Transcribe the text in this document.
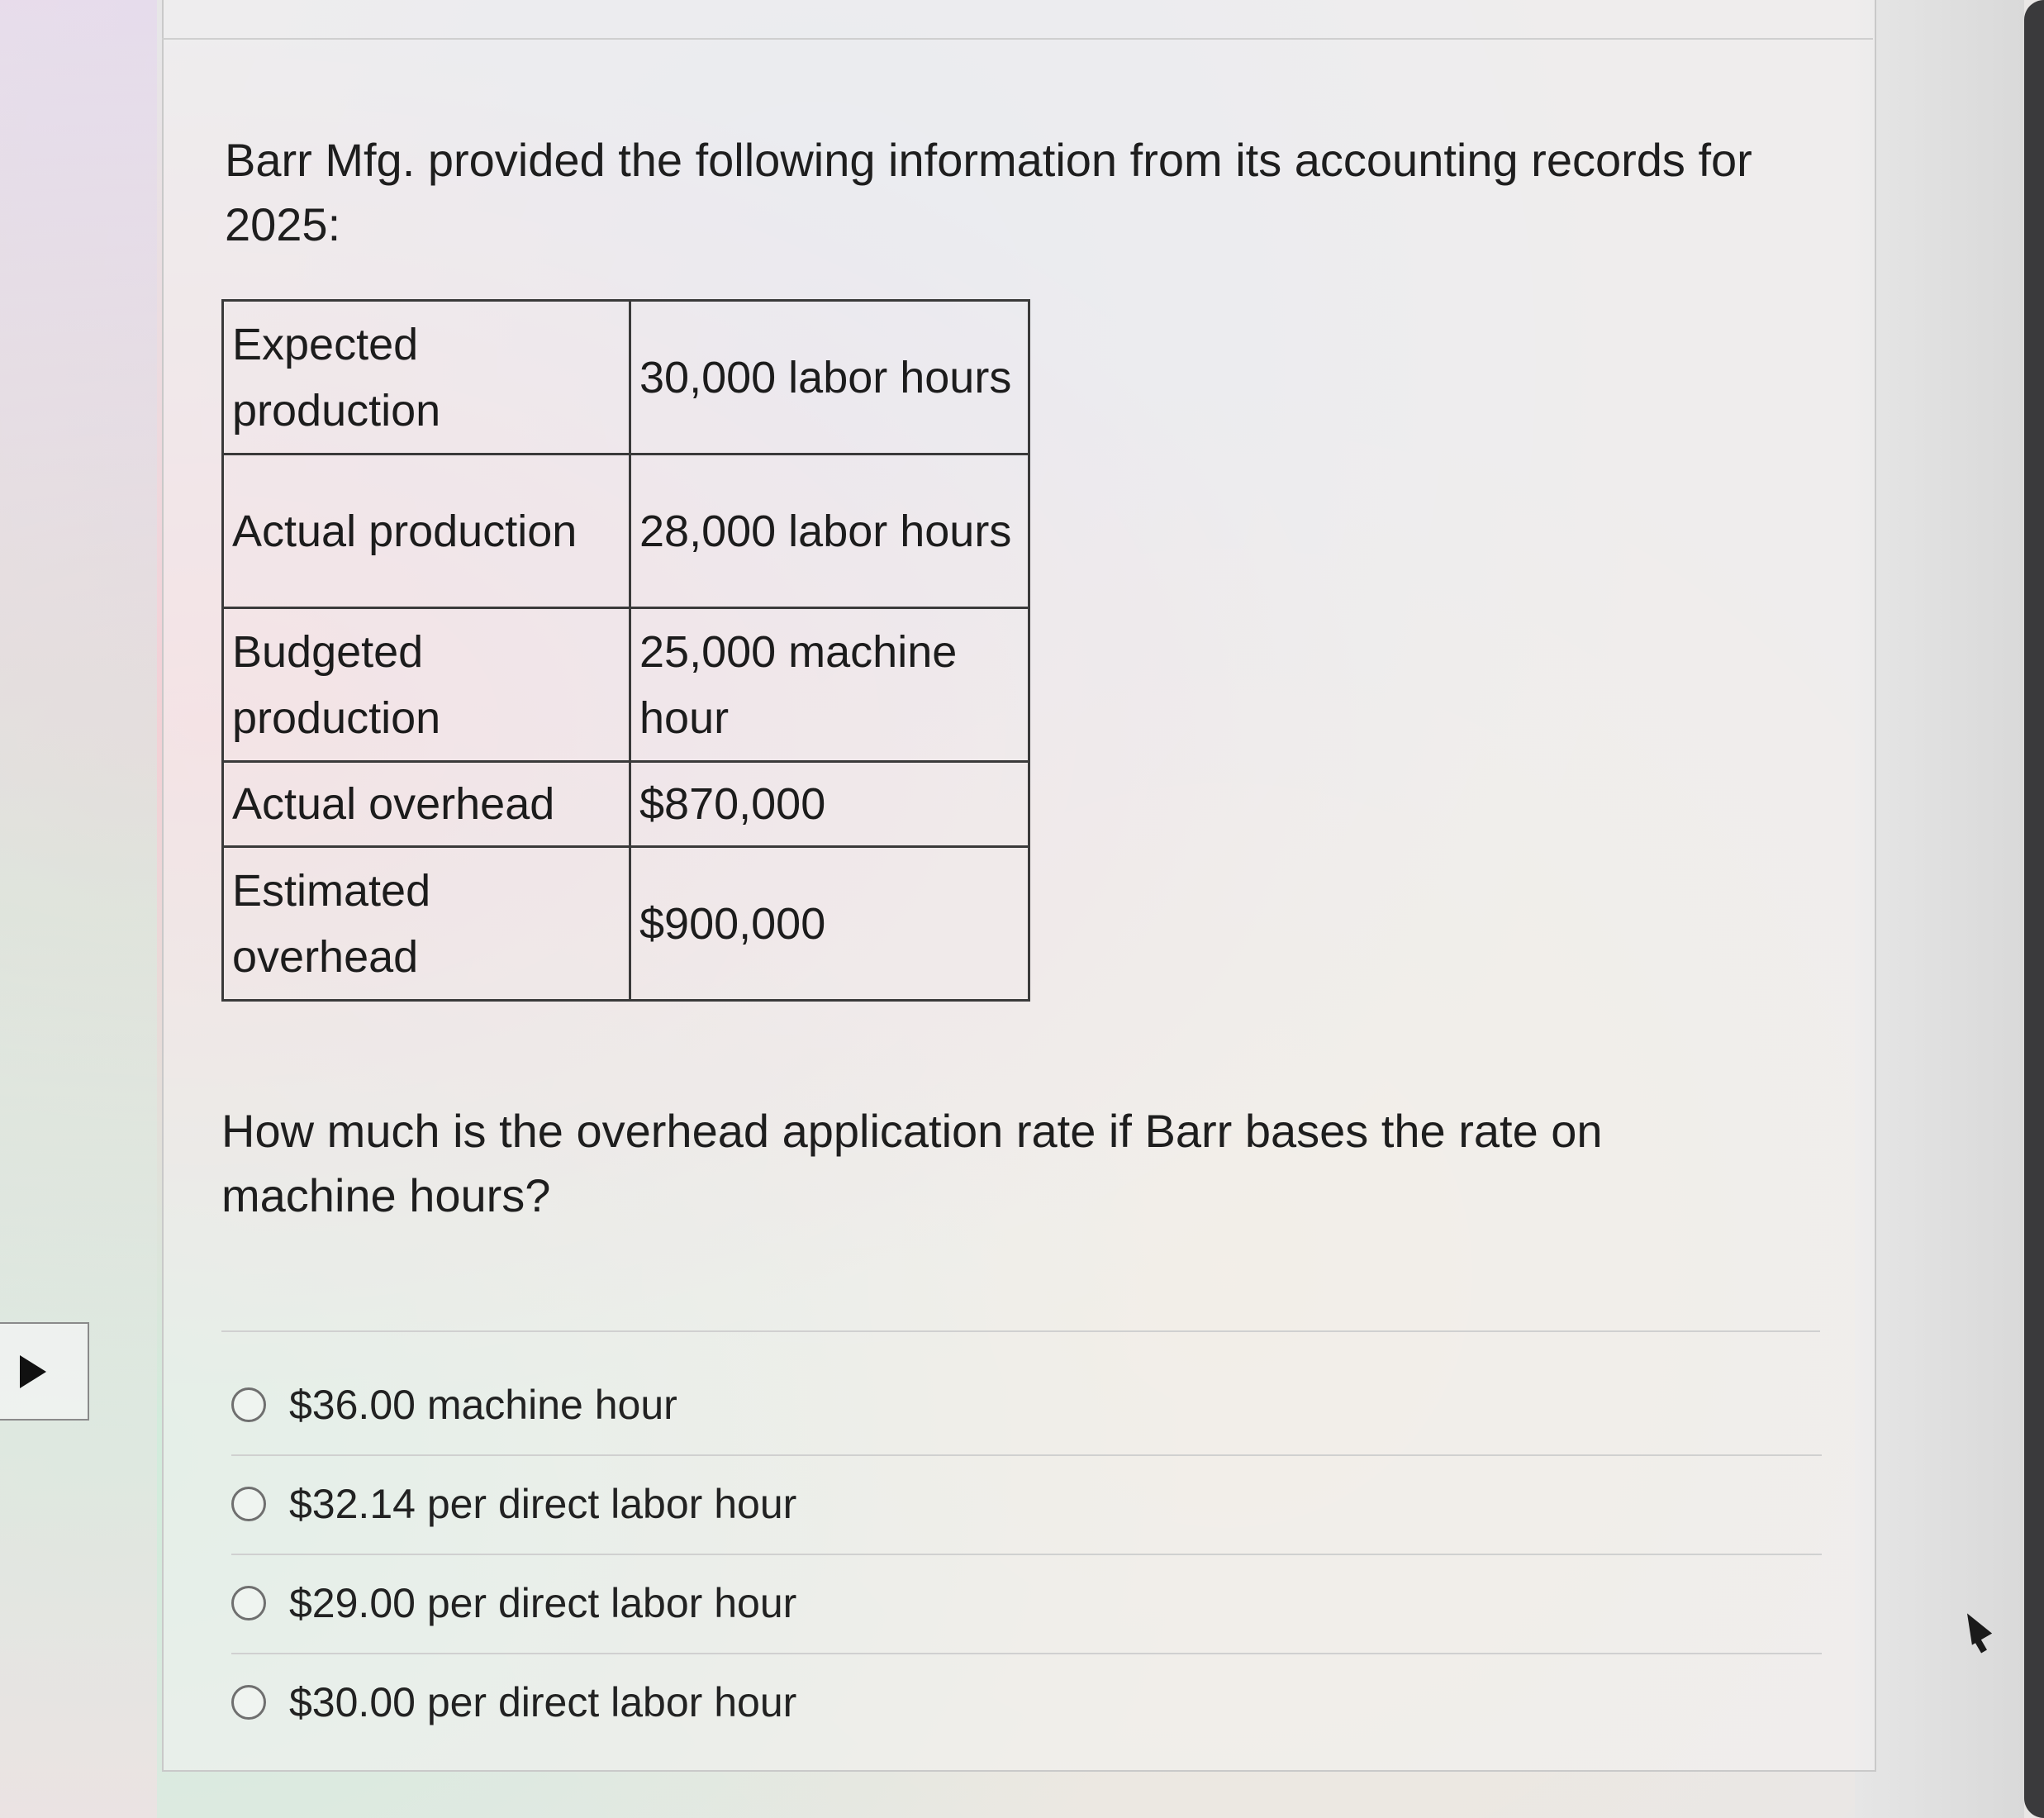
Barr Mfg. provided the following information from its accounting records for 2025:
Expected production	30,000 labor hours
Actual production	28,000 labor hours
Budgeted production	25,000 machine hour
Actual overhead	$870,000
Estimated overhead	$900,000
How much is the overhead application rate if Barr bases the rate on machine hours?
$36.00 machine hour
$32.14 per direct labor hour
$29.00 per direct labor hour
$30.00 per direct labor hour
